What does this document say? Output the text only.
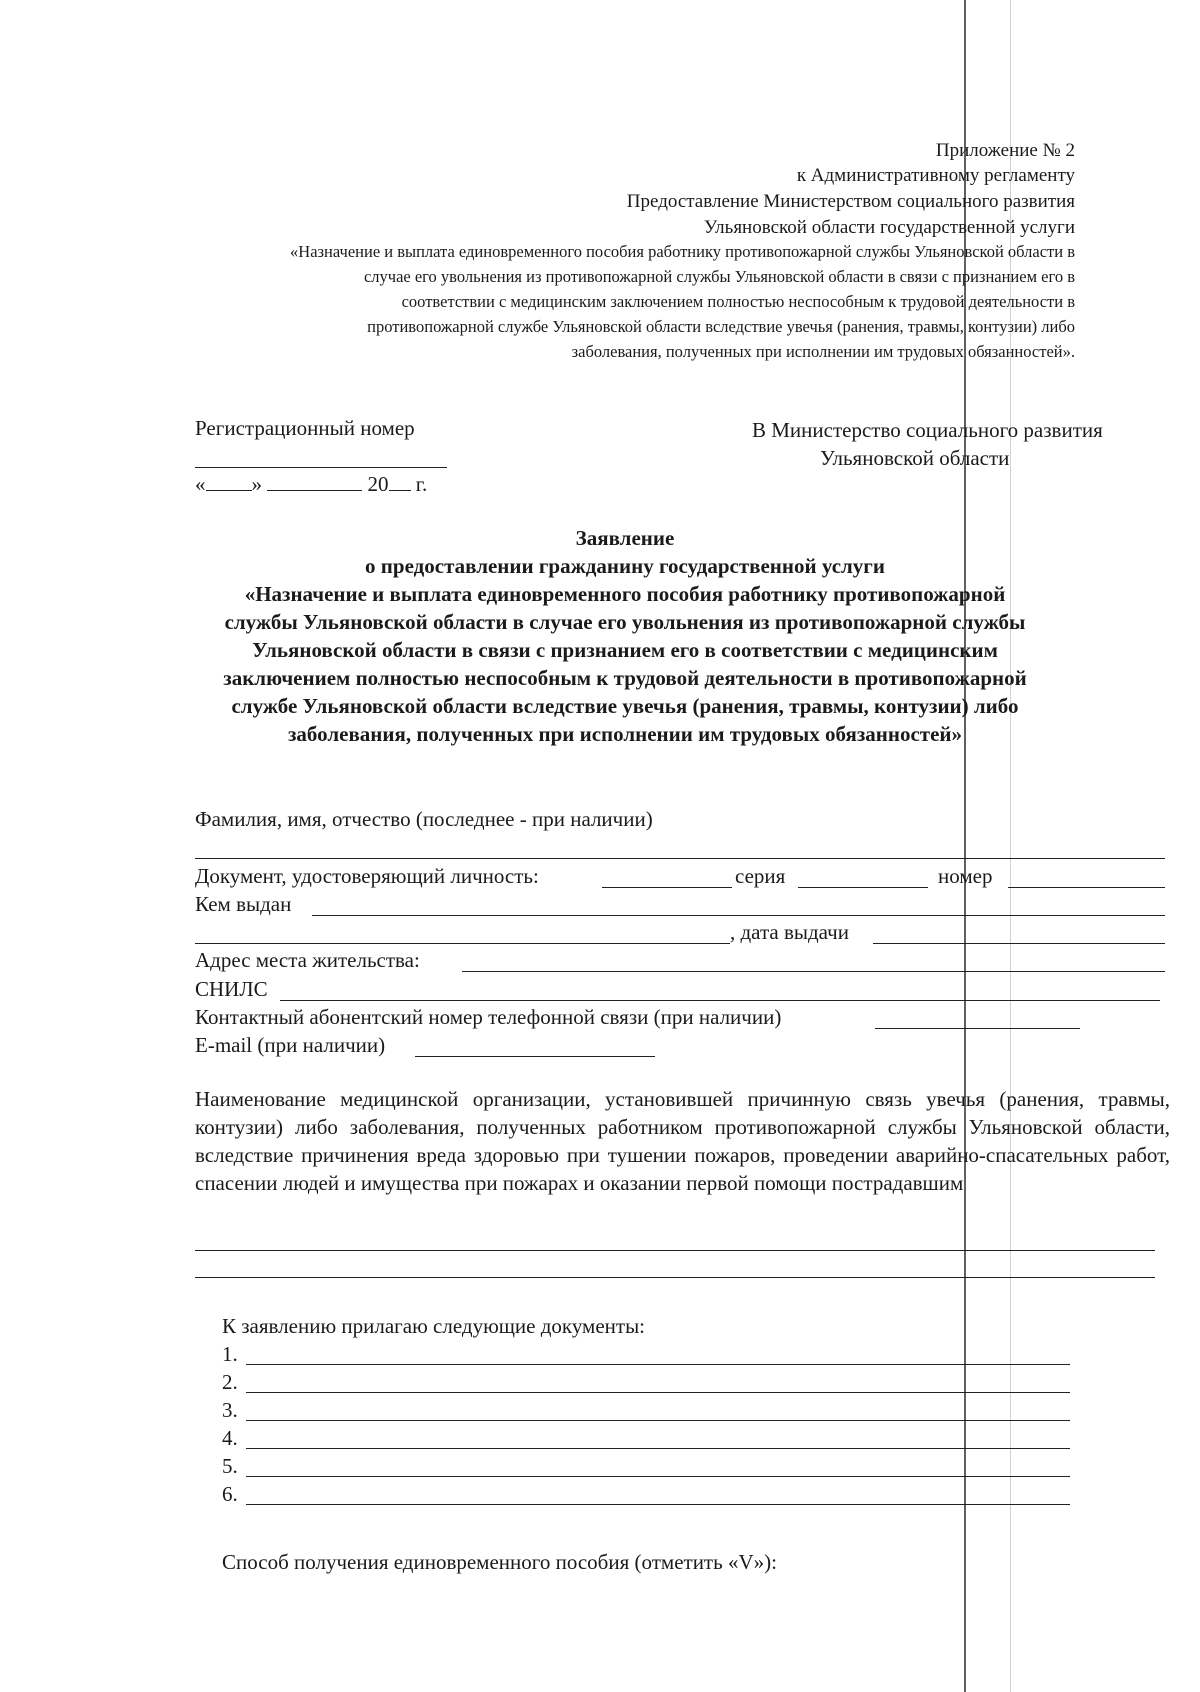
Приложение № 2
к Административному регламенту
Предоставление Министерством социального развития
Ульяновской области государственной услуги
«Назначение и выплата единовременного пособия работнику противопожарной службы Ульяновской области в
случае его увольнения из противопожарной службы Ульяновской области в связи с признанием его в
соответствии с медицинским заключением полностью неспособным к трудовой деятельности в
противопожарной службе Ульяновской области вследствие увечья (ранения, травмы, контузии) либо
заболевания, полученных при исполнении им трудовых обязанностей».
Регистрационный номер
« »	20 г.
В Министерство социального развития
Ульяновской области
Заявление
о предоставлении гражданину государственной услуги
«Назначение и выплата единовременного пособия работнику противопожарной
службы Ульяновской области в случае его увольнения из противопожарной службы
Ульяновской области в связи с признанием его в соответствии с медицинским
заключением полностью неспособным к трудовой деятельности в противопожарной
службе Ульяновской области вследствие увечья (ранения, травмы, контузии) либо
заболевания, полученных при исполнении им трудовых обязанностей»
Фамилия, имя, отчество (последнее - при наличии)
Документ, удостоверяющий личность:	серия	номер
Кем выдан
, дата выдачи
Адрес места жительства:
СНИЛС
Контактный абонентский номер телефонной связи (при наличии)
E-mail (при наличии)
Наименование медицинской организации, установившей причинную связь увечья (ранения, травмы, контузии) либо заболевания, полученных работником противопожарной службы Ульяновской области, вследствие причинения вреда здоровью при тушении пожаров, проведении аварийно-спасательных работ, спасении людей и имущества при пожарах и оказании первой помощи пострадавшим
К заявлению прилагаю следующие документы:
1.
2.
3.
4.
5.
6.
Способ получения единовременного пособия (отметить «V»):
